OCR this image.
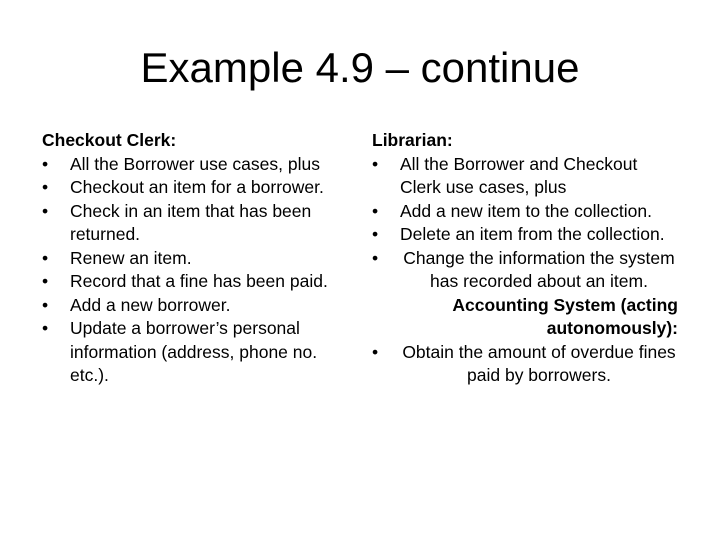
Example 4.9 – continue
Checkout Clerk:
• All the Borrower use cases, plus
• Checkout an item for a borrower.
• Check in an item that has been returned.
• Renew an item.
• Record that a fine has been paid.
• Add a new borrower.
• Update a borrower’s personal information (address, phone no. etc.).
Librarian:
• All the Borrower and Checkout Clerk use cases, plus
• Add a new item to the collection.
• Delete an item from the collection.
• Change the information the system has recorded about an item.
Accounting System (acting autonomously):
• Obtain the amount of overdue fines paid by borrowers.
